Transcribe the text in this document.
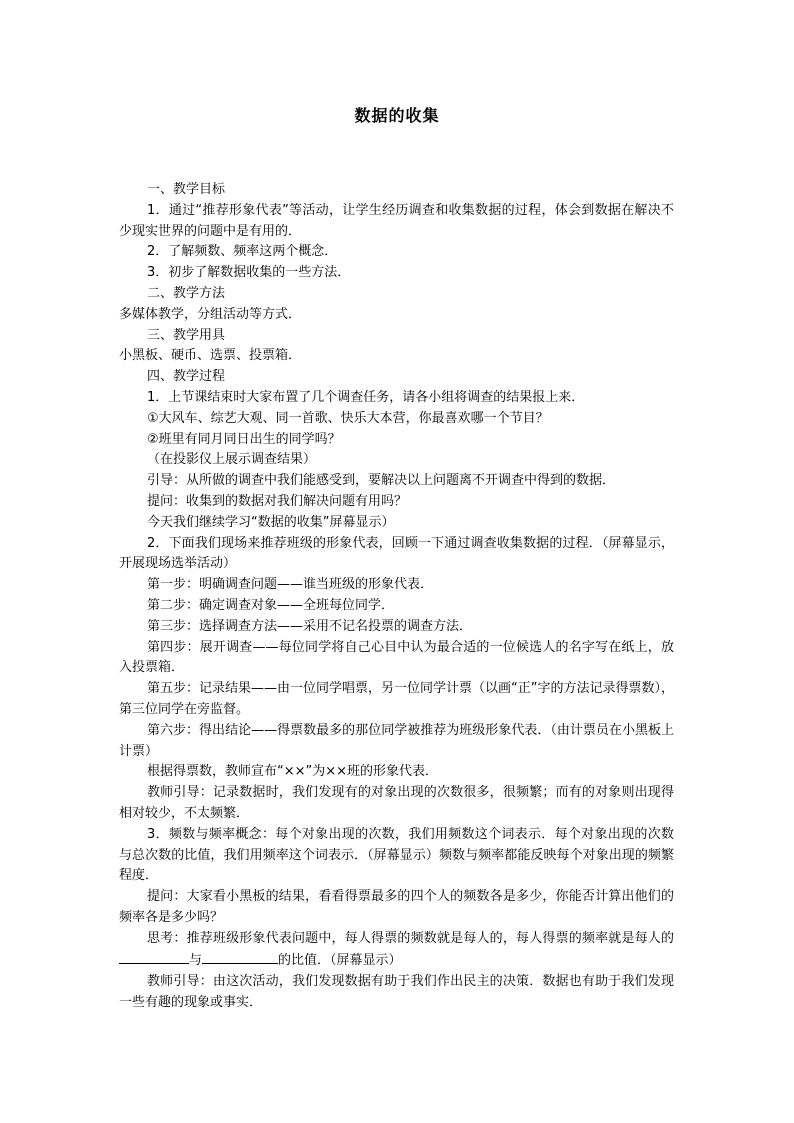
数据的收集

一、教学目标

1．通过“推荐形象代表”等活动，让学生经历调查和收集数据的过程，体会到数据在解决不少现实世界的问题中是有用的．

2．了解频数、频率这两个概念．

3．初步了解数据收集的一些方法．

二、教学方法

多媒体教学，分组活动等方式．

三、教学用具

小黑板、硬币、选票、投票箱．

四、教学过程

1．上节课结束时大家布置了几个调查任务，请各小组将调查的结果报上来．

①大风车、综艺大观、同一首歌、快乐大本营，你最喜欢哪一个节目？

②班里有同月同日出生的同学吗？

（在投影仪上展示调查结果）

引导：从所做的调查中我们能感受到，要解决以上问题离不开调查中得到的数据．

提问：收集到的数据对我们解决问题有用吗？

今天我们继续学习“数据的收集”屏幕显示）

2．下面我们现场来推荐班级的形象代表，回顾一下通过调查收集数据的过程．（屏幕显示，开展现场选举活动）

第一步：明确调查问题——谁当班级的形象代表．

第二步：确定调查对象——全班每位同学．

第三步：选择调查方法——采用不记名投票的调查方法．

第四步：展开调查——每位同学将自己心目中认为最合适的一位候选人的名字写在纸上，放入投票箱．

第五步：记录结果——由一位同学唱票，另一位同学计票（以画“正”字的方法记录得票数），第三位同学在旁监督。

第六步：得出结论——得票数最多的那位同学被推荐为班级形象代表．（由计票员在小黑板上计票）

根据得票数，教师宣布“××”为××班的形象代表．

教师引导：记录数据时，我们发现有的对象出现的次数很多，很频繁；而有的对象则出现得相对较少，不太频繁．

3．频数与频率概念：每个对象出现的次数，我们用频数这个词表示．每个对象出现的次数与总次数的比值，我们用频率这个词表示．（屏幕显示）频数与频率都能反映每个对象出现的频繁程度．

提问：大家看小黑板的结果，看看得票最多的四个人的频数各是多少，你能否计算出他们的频率各是多少吗？

思考：推荐班级形象代表问题中，每人得票的频数就是每人的，每人得票的频率就是每人的与	的比值．（屏幕显示）

教师引导：由这次活动，我们发现数据有助于我们作出民主的决策．数据也有助于我们发现一些有趣的现象或事实．
